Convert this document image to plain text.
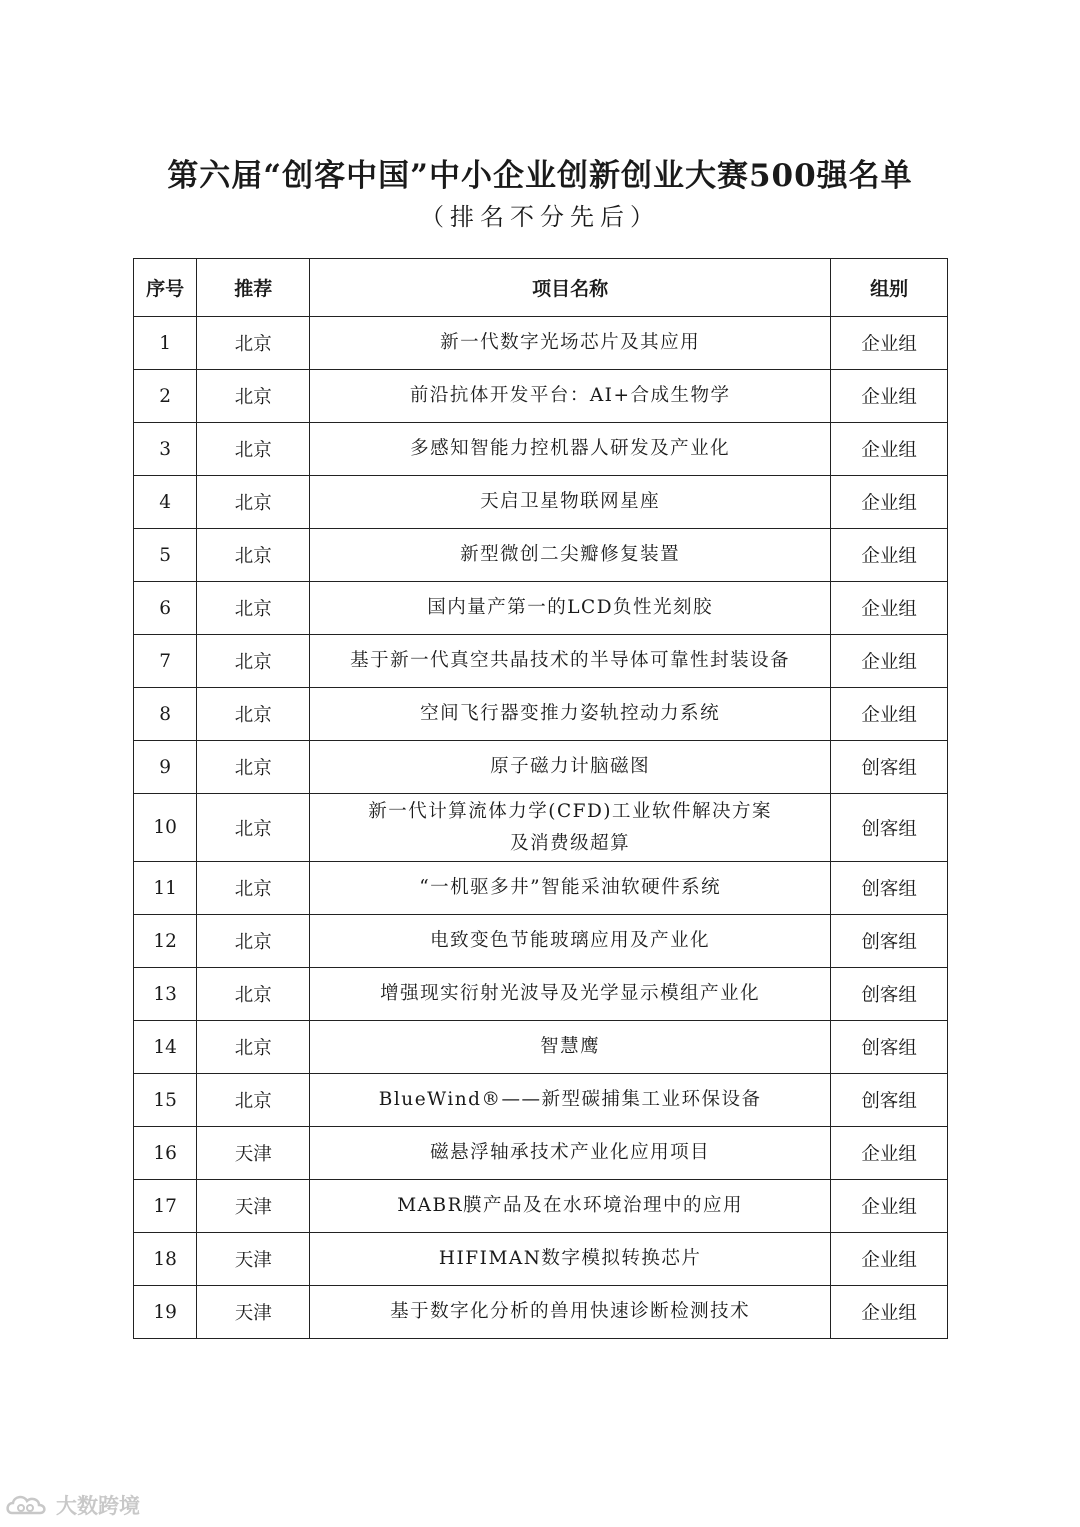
第六届“创客中国”中小企业创新创业大赛500强名单
（排名不分先后）
序号	推荐	项目名称	组别
1	北京	新一代数字光场芯片及其应用	企业组
2	北京	前沿抗体开发平台：AI+合成生物学	企业组
3	北京	多感知智能力控机器人研发及产业化	企业组
4	北京	天启卫星物联网星座	企业组
5	北京	新型微创二尖瓣修复装置	企业组
6	北京	国内量产第一的LCD负性光刻胶	企业组
7	北京	基于新一代真空共晶技术的半导体可靠性封装设备	企业组
8	北京	空间飞行器变推力姿轨控动力系统	企业组
9	北京	原子磁力计脑磁图	创客组
10	北京	新一代计算流体力学(CFD)工业软件解决方案
及消费级超算	创客组
11	北京	“一机驱多井”智能采油软硬件系统	创客组
12	北京	电致变色节能玻璃应用及产业化	创客组
13	北京	增强现实衍射光波导及光学显示模组产业化	创客组
14	北京	智慧鹰	创客组
15	北京	BlueWind®——新型碳捕集工业环保设备	创客组
16	天津	磁悬浮轴承技术产业化应用项目	企业组
17	天津	MABR膜产品及在水环境治理中的应用	企业组
18	天津	HIFIMAN数字模拟转换芯片	企业组
19	天津	基于数字化分析的兽用快速诊断检测技术	企业组
大数跨境
